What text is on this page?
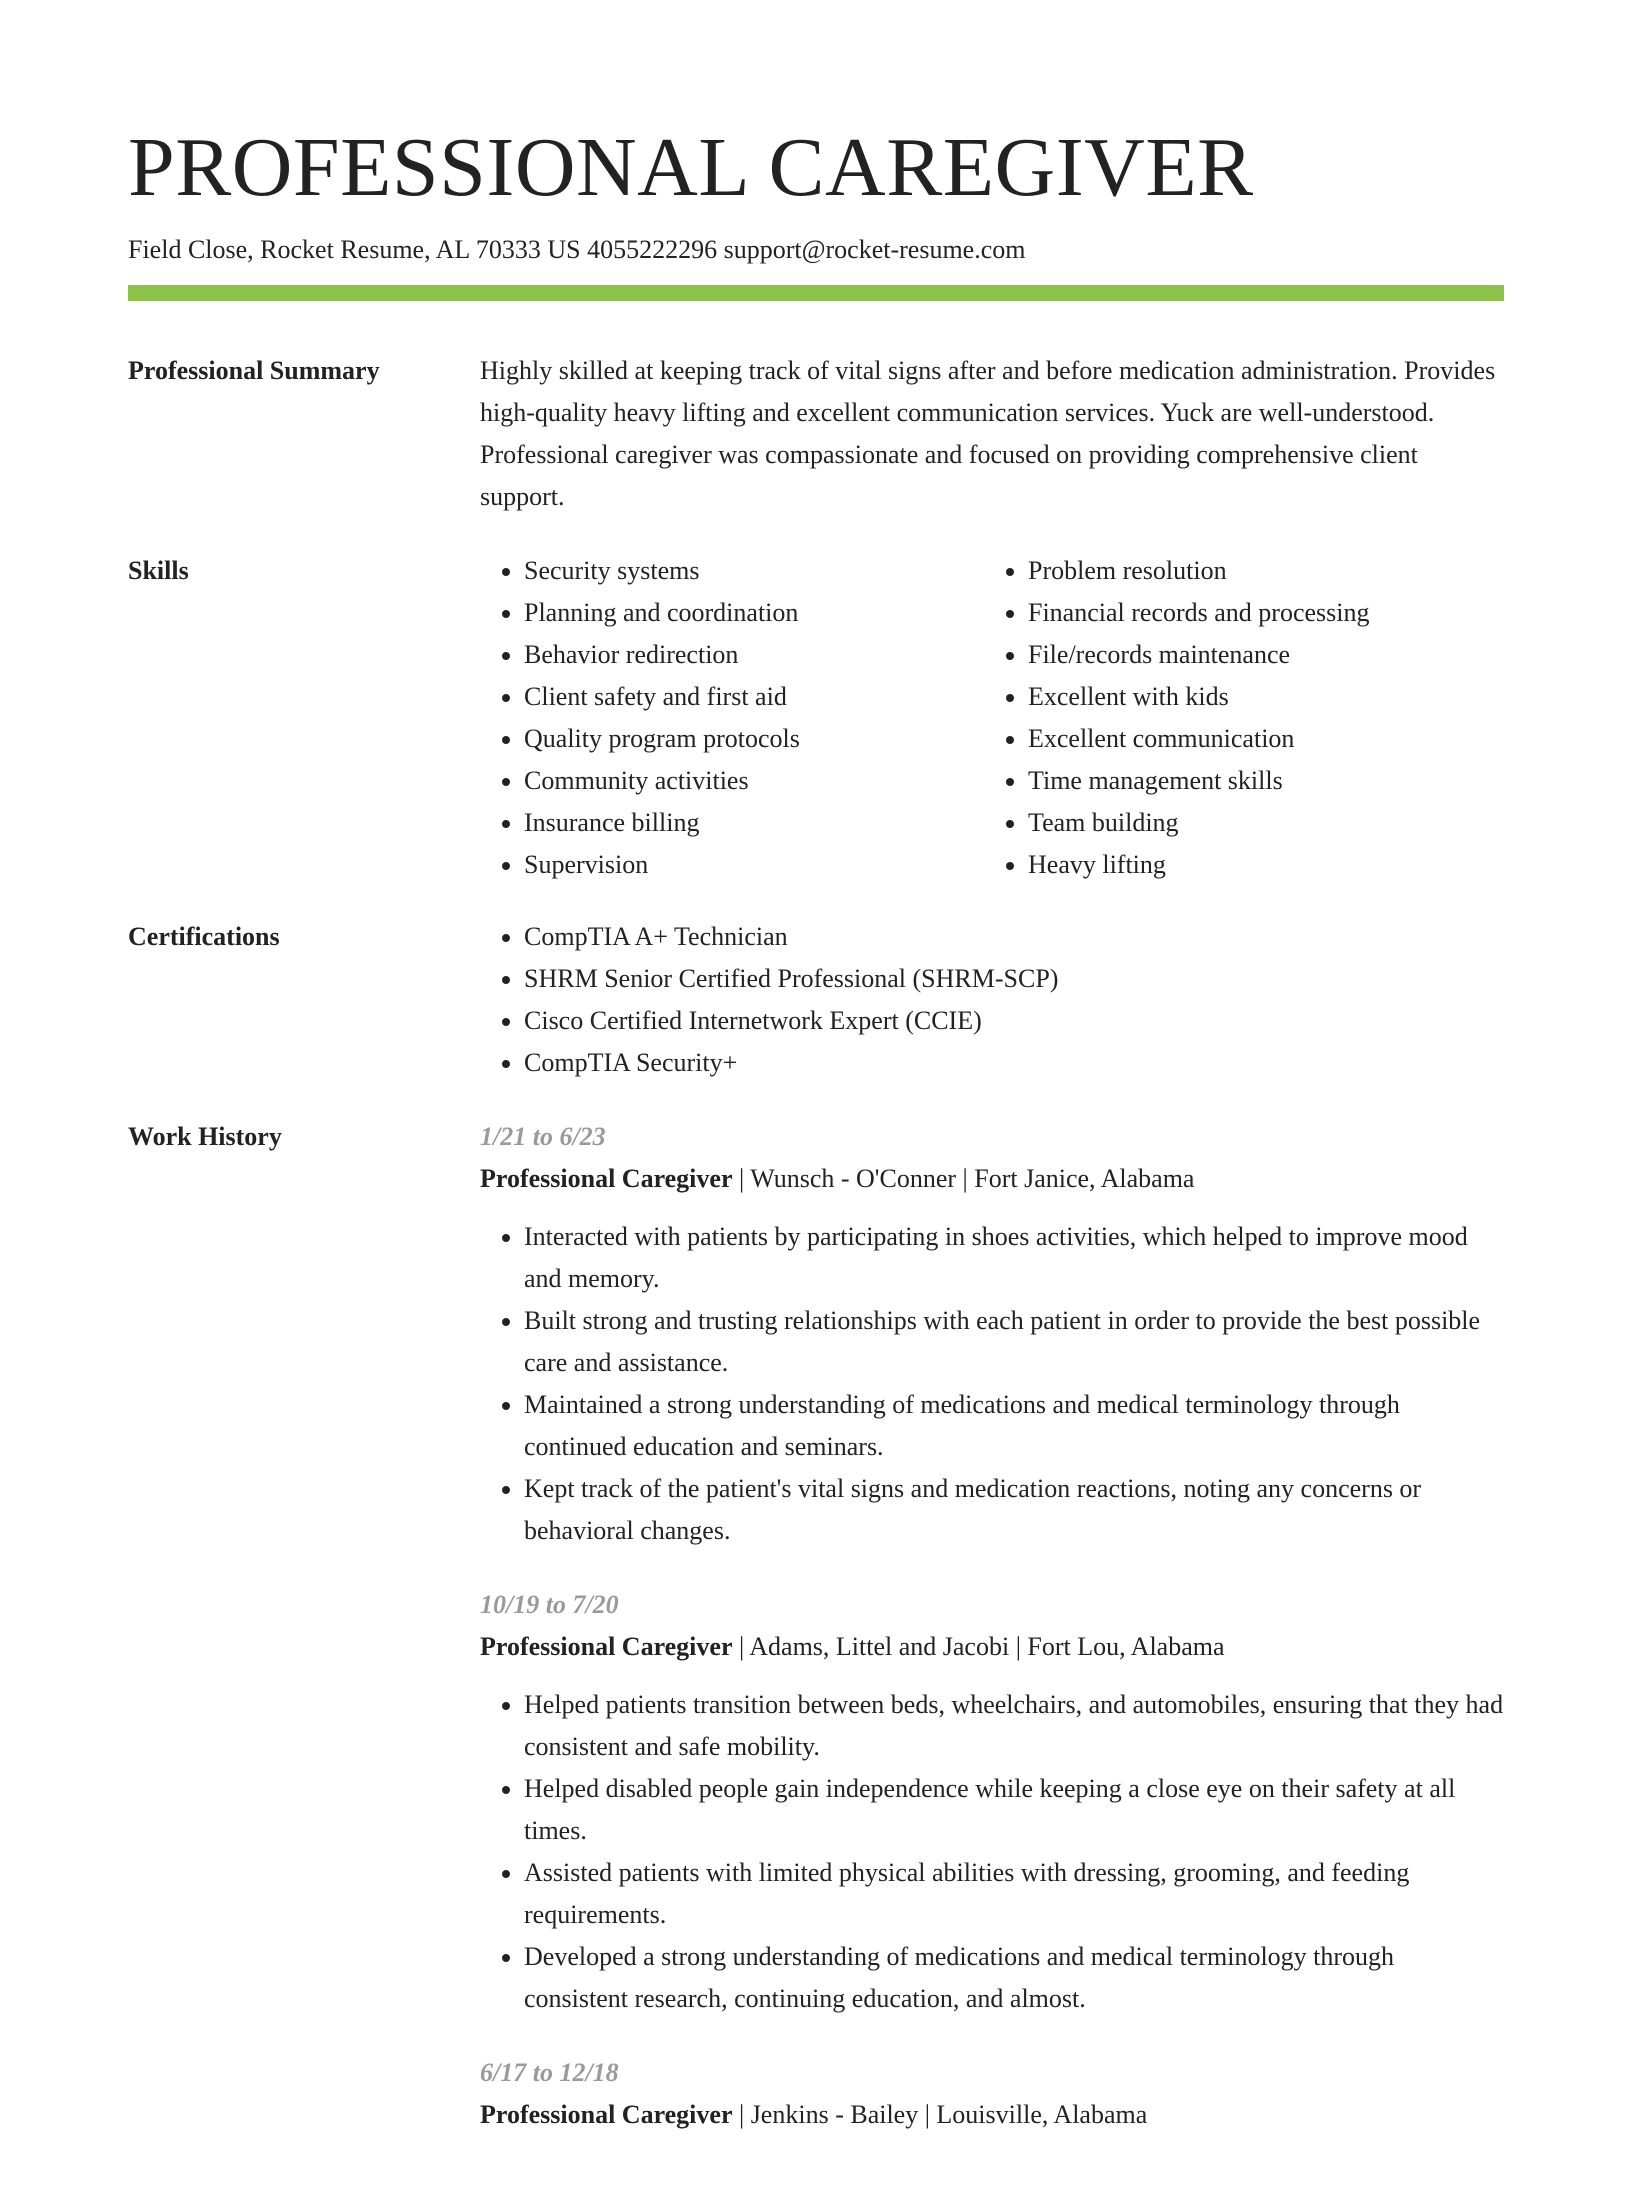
PROFESSIONAL CAREGIVER
Field Close, Rocket Resume, AL 70333 US 4055222296 support@rocket-resume.com
Professional Summary	Highly skilled at keeping track of vital signs after and before medication administration. Provides high-quality heavy lifting and excellent communication services. Yuck are well-understood. Professional caregiver was compassionate and focused on providing comprehensive client support.

Skills	• Security systems
• Planning and coordination
• Behavior redirection
• Client safety and first aid
• Quality program protocols
• Community activities
• Insurance billing
• Supervision
• Problem resolution
• Financial records and processing
• File/records maintenance
• Excellent with kids
• Excellent communication
• Time management skills
• Team building
• Heavy lifting
Certifications	• CompTIA A+ Technician
• SHRM Senior Certified Professional (SHRM-SCP)
• Cisco Certified Internetwork Expert (CCIE)
• CompTIA Security+
Work History	1/21 to 6/23
Professional Caregiver | Wunsch - O'Conner | Fort Janice, Alabama
• Interacted with patients by participating in shoes activities, which helped to improve mood and memory.
• Built strong and trusting relationships with each patient in order to provide the best possible care and assistance.
• Maintained a strong understanding of medications and medical terminology through continued education and seminars.
• Kept track of the patient's vital signs and medication reactions, noting any concerns or behavioral changes.
10/19 to 7/20
Professional Caregiver | Adams, Littel and Jacobi | Fort Lou, Alabama
• Helped patients transition between beds, wheelchairs, and automobiles, ensuring that they had consistent and safe mobility.
• Helped disabled people gain independence while keeping a close eye on their safety at all times.
• Assisted patients with limited physical abilities with dressing, grooming, and feeding requirements.
• Developed a strong understanding of medications and medical terminology through consistent research, continuing education, and almost.
6/17 to 12/18
Professional Caregiver | Jenkins - Bailey | Louisville, Alabama
